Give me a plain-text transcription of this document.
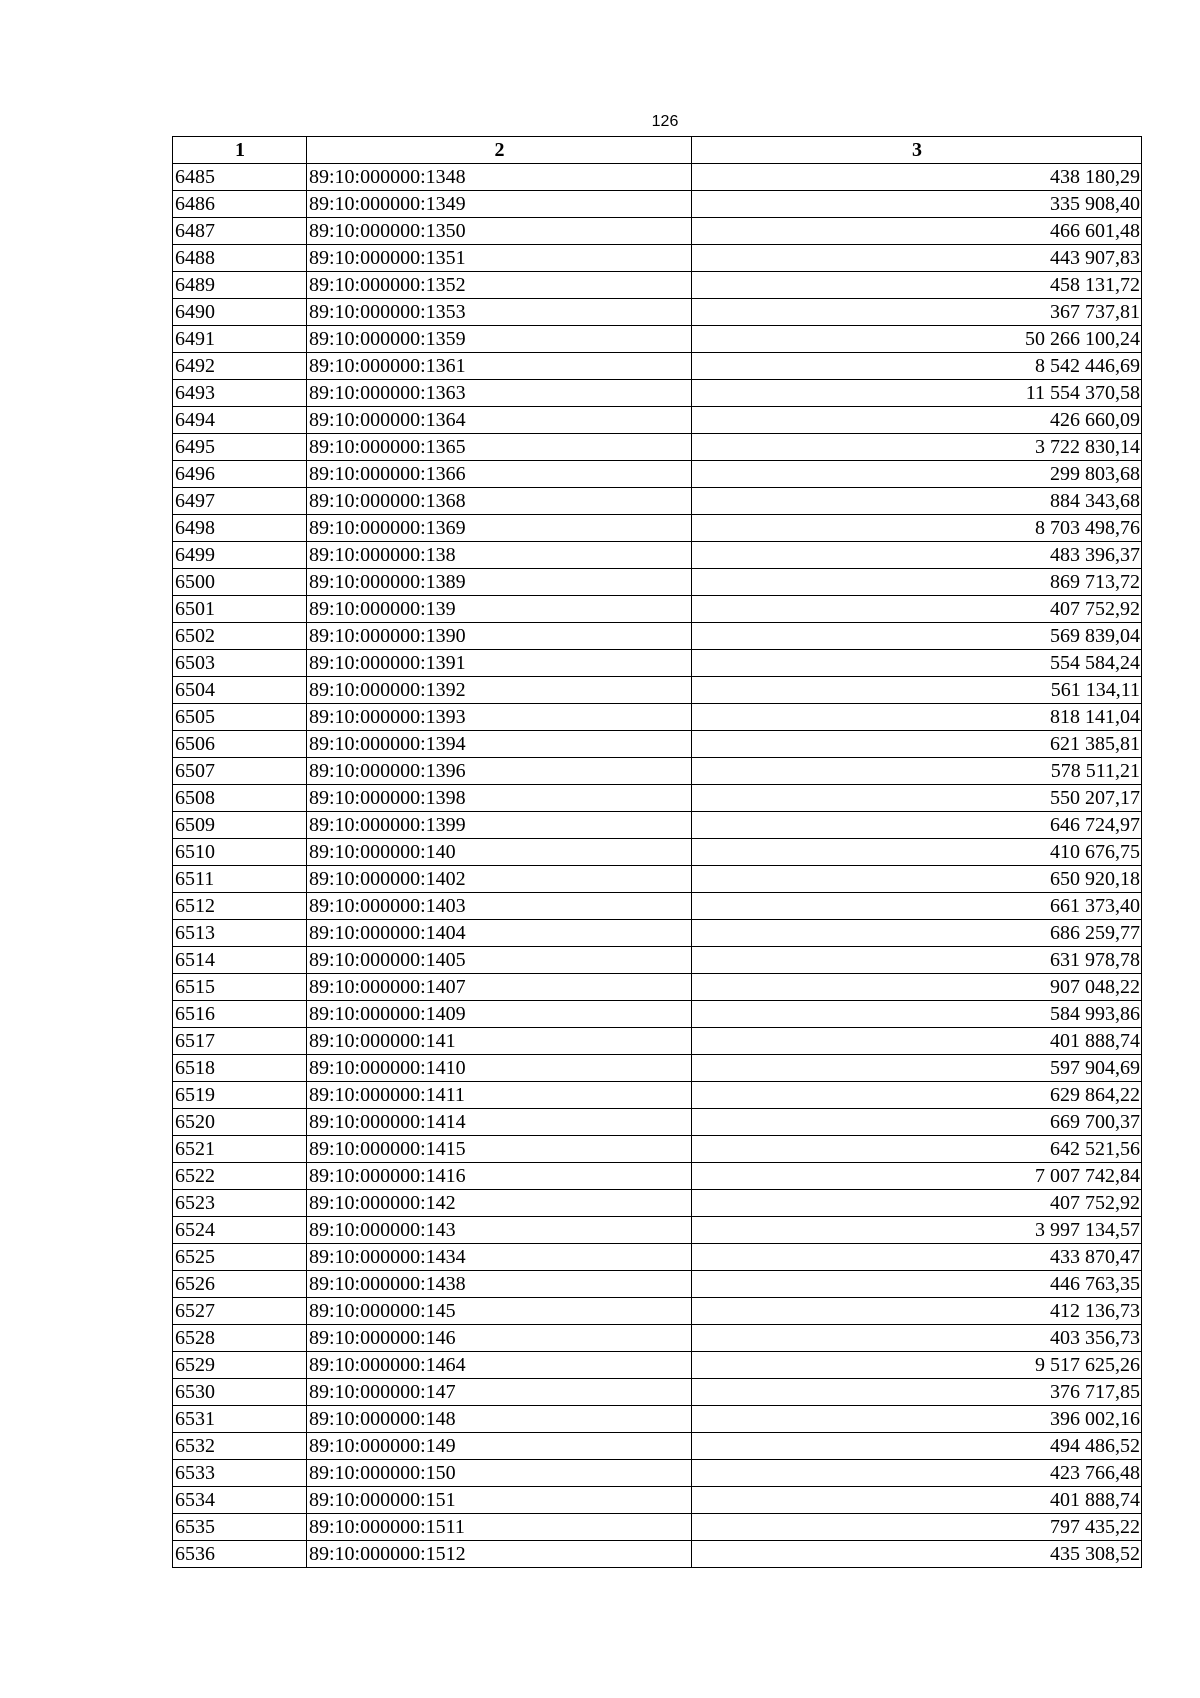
126
1	2	3
6485	89:10:000000:1348	438 180,29
6486	89:10:000000:1349	335 908,40
6487	89:10:000000:1350	466 601,48
6488	89:10:000000:1351	443 907,83
6489	89:10:000000:1352	458 131,72
6490	89:10:000000:1353	367 737,81
6491	89:10:000000:1359	50 266 100,24
6492	89:10:000000:1361	8 542 446,69
6493	89:10:000000:1363	11 554 370,58
6494	89:10:000000:1364	426 660,09
6495	89:10:000000:1365	3 722 830,14
6496	89:10:000000:1366	299 803,68
6497	89:10:000000:1368	884 343,68
6498	89:10:000000:1369	8 703 498,76
6499	89:10:000000:138	483 396,37
6500	89:10:000000:1389	869 713,72
6501	89:10:000000:139	407 752,92
6502	89:10:000000:1390	569 839,04
6503	89:10:000000:1391	554 584,24
6504	89:10:000000:1392	561 134,11
6505	89:10:000000:1393	818 141,04
6506	89:10:000000:1394	621 385,81
6507	89:10:000000:1396	578 511,21
6508	89:10:000000:1398	550 207,17
6509	89:10:000000:1399	646 724,97
6510	89:10:000000:140	410 676,75
6511	89:10:000000:1402	650 920,18
6512	89:10:000000:1403	661 373,40
6513	89:10:000000:1404	686 259,77
6514	89:10:000000:1405	631 978,78
6515	89:10:000000:1407	907 048,22
6516	89:10:000000:1409	584 993,86
6517	89:10:000000:141	401 888,74
6518	89:10:000000:1410	597 904,69
6519	89:10:000000:1411	629 864,22
6520	89:10:000000:1414	669 700,37
6521	89:10:000000:1415	642 521,56
6522	89:10:000000:1416	7 007 742,84
6523	89:10:000000:142	407 752,92
6524	89:10:000000:143	3 997 134,57
6525	89:10:000000:1434	433 870,47
6526	89:10:000000:1438	446 763,35
6527	89:10:000000:145	412 136,73
6528	89:10:000000:146	403 356,73
6529	89:10:000000:1464	9 517 625,26
6530	89:10:000000:147	376 717,85
6531	89:10:000000:148	396 002,16
6532	89:10:000000:149	494 486,52
6533	89:10:000000:150	423 766,48
6534	89:10:000000:151	401 888,74
6535	89:10:000000:1511	797 435,22
6536	89:10:000000:1512	435 308,52
